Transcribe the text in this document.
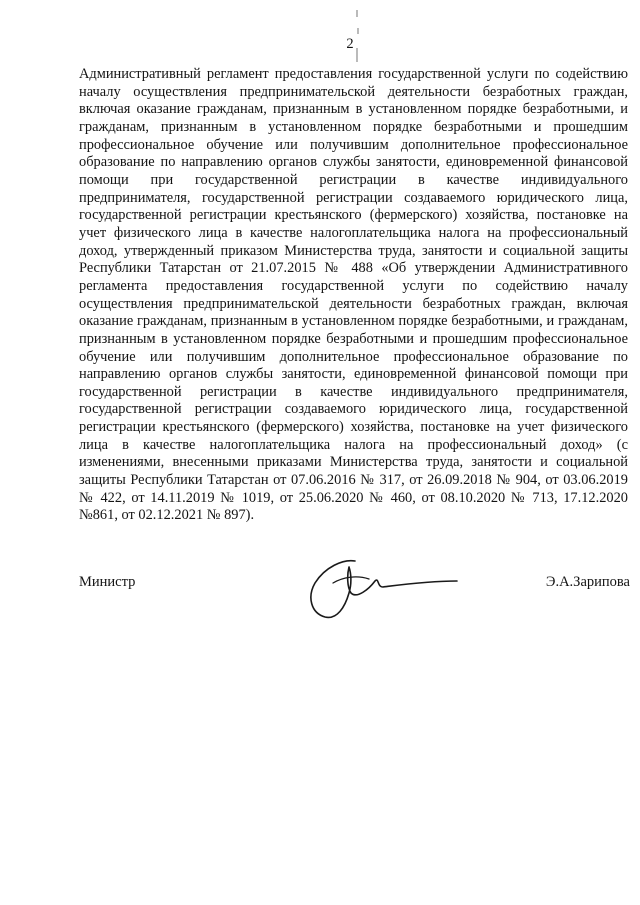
2

Административный регламент предоставления государственной услуги по содействию началу осуществления предпринимательской деятельности безработных граждан, включая оказание гражданам, признанным в установленном порядке безработными, и гражданам, признанным в установленном порядке безработными и прошедшим профессиональное обучение или получившим дополнительное профессиональное образование по направлению органов службы занятости, единовременной финансовой помощи при государственной регистрации в качестве индивидуального предпринимателя, государственной регистрации создаваемого юридического лица, государственной регистрации крестьянского (фермерского) хозяйства, постановке на учет физического лица в качестве налогоплательщика налога на профессиональный доход, утвержденный приказом Министерства труда, занятости и социальной защиты Республики Татарстан от 21.07.2015 № 488 «Об утверждении Административного регламента предоставления государственной услуги по содействию началу осуществления предпринимательской деятельности безработных граждан, включая оказание гражданам, признанным в установленном порядке безработными, и гражданам, признанным в установленном порядке безработными и прошедшим профессиональное обучение или получившим дополнительное профессиональное образование по направлению органов службы занятости, единовременной финансовой помощи при государственной регистрации в качестве индивидуального предпринимателя, государственной регистрации создаваемого юридического лица, государственной регистрации крестьянского (фермерского) хозяйства, постановке на учет физического лица в качестве налогоплательщика налога на профессиональный доход» (с изменениями, внесенными приказами Министерства труда, занятости и социальной защиты Республики Татарстан от 07.06.2016 № 317, от 26.09.2018 № 904, от 03.06.2019 № 422, от 14.11.2019 № 1019, от 25.06.2020 № 460, от 08.10.2020 № 713, 17.12.2020 №861, от 02.12.2021 № 897).

Министр	Э.А.Зарипова
